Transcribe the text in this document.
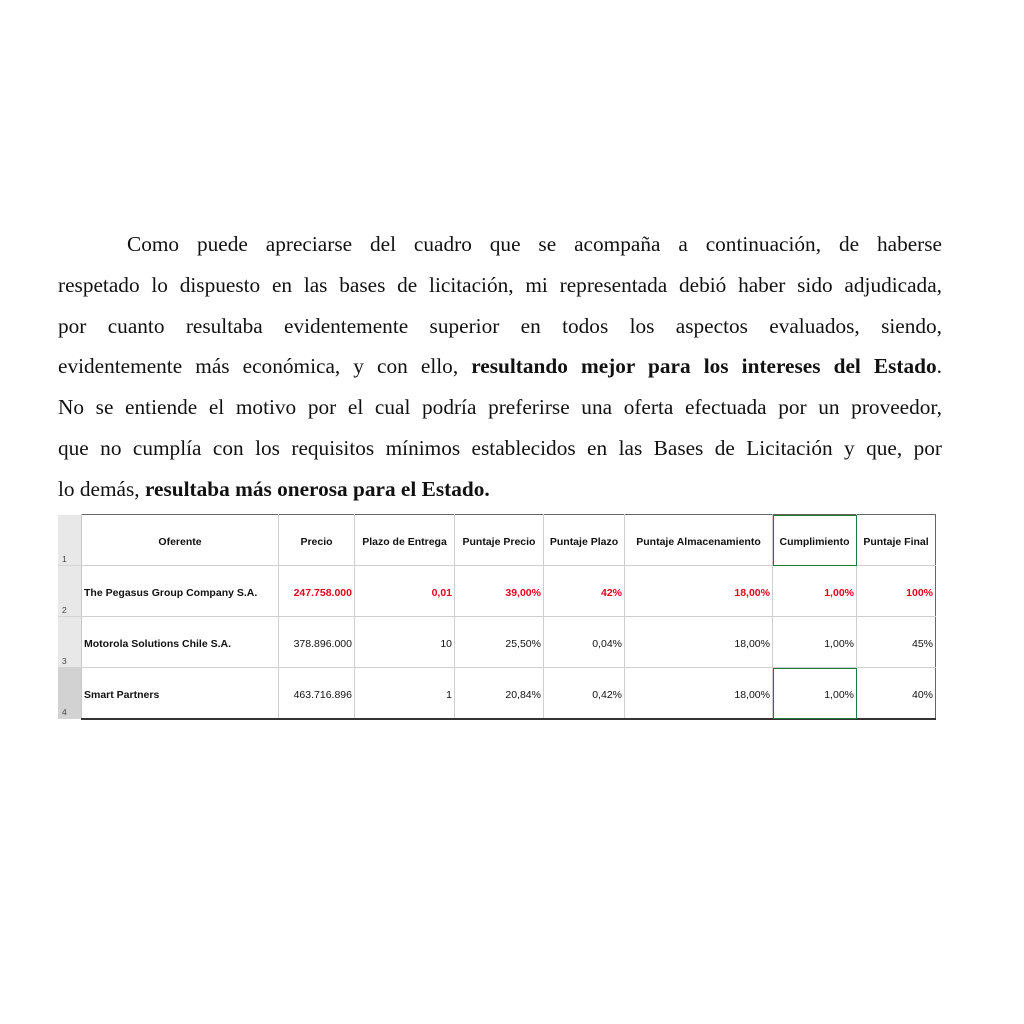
Como puede apreciarse del cuadro que se acompaña a continuación, de haberse
respetado lo dispuesto en las bases de licitación, mi representada debió haber sido adjudicada,
por cuanto resultaba evidentemente superior en todos los aspectos evaluados, siendo,
evidentemente más económica, y con ello, resultando mejor para los intereses del Estado.
No se entiende el motivo por el cual podría preferirse una oferta efectuada por un proveedor,
que no cumplía con los requisitos mínimos establecidos en las Bases de Licitación y que, por
lo demás, resultaba más onerosa para el Estado.
1	Oferente	Precio	Plazo de Entrega	Puntaje Precio	Puntaje Plazo	Puntaje Almacenamiento	Cumplimiento	Puntaje Final
2	The Pegasus Group Company S.A.	247.758.000	0,01	39,00%	42%	18,00%	1,00%	100%
3	Motorola Solutions Chile S.A.	378.896.000	10	25,50%	0,04%	18,00%	1,00%	45%
4	Smart Partners	463.716.896	1	20,84%	0,42%	18,00%	1,00%	40%
